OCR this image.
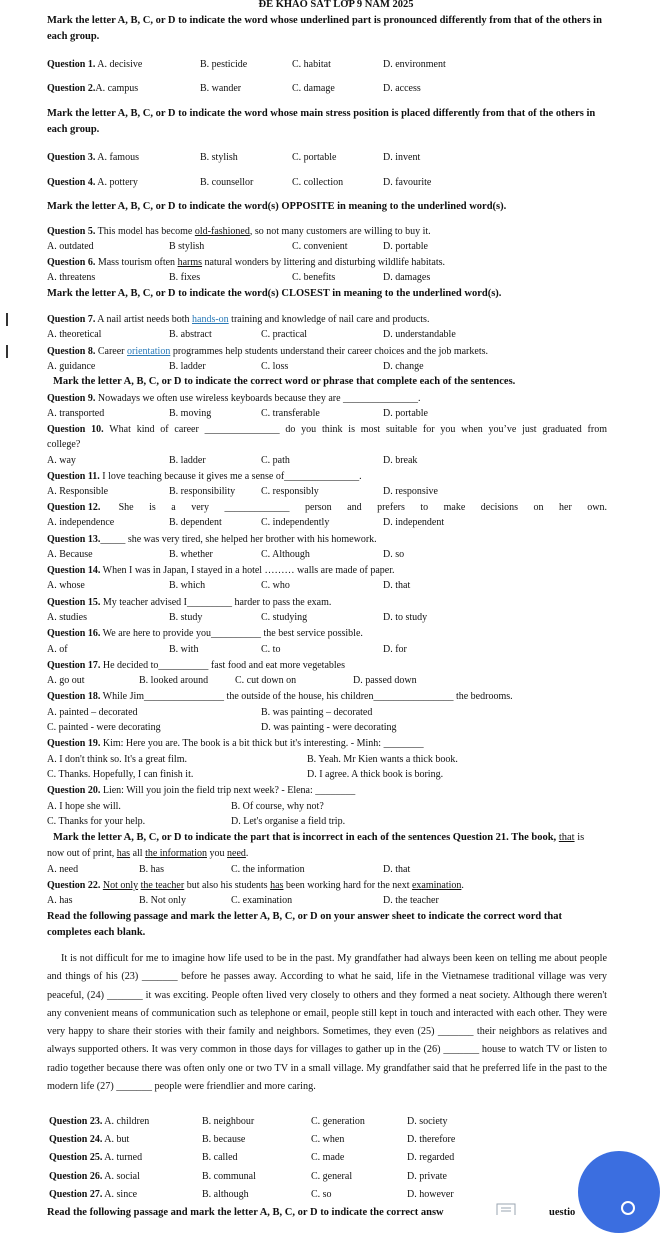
ĐỀ KHẢO SÁT LỚP 9 NĂM 2025
Mark the letter A, B, C, or D to indicate the word whose underlined part is pronounced differently from that of the others in each group.
Question 1. A. decisive	B. pesticide	C. habitat	D. environment
Question 2.A. campus	B. wander	C. damage	D. access
Mark the letter A, B, C, or D to indicate the word whose main stress position is placed differently from that of the others in each group.
Question 3. A. famous	B. stylish	C. portable	D. invent
Question 4. A. pottery	B. counsellor	C. collection	D. favourite
Mark the letter A, B, C, or D to indicate the word(s) OPPOSITE in meaning to the underlined word(s).
Question 5. This model has become old-fashioned, so not many customers are willing to buy it.
A. outdated	B stylish	C. convenient	D. portable
Question 6. Mass tourism often harms natural wonders by littering and disturbing wildlife habitats.
A. threatens	B. fixes	C. benefits	D. damages
Mark the letter A, B, C, or D to indicate the word(s) CLOSEST in meaning to the underlined word(s).
Question 7. A nail artist needs both hands-on training and knowledge of nail care and products.
A. theoretical	B. abstract	C. practical	D. understandable
Question 8. Career orientation programmes help students understand their career choices and the job markets.
A. guidance	B. ladder	C. loss	D. change
Mark the letter A, B, C, or D to indicate the correct word or phrase that complete each of the sentences.
Question 9. Nowadays we often use wireless keyboards because they are _______________.
A. transported	B. moving	C. transferable	D. portable
Question 10. What kind of career _______________ do you think is most suitable for you when you’ve just graduated from
college?
A. way	B. ladder	C. path	D. break
Question 11. I love teaching because it gives me a sense of_______________.
A. Responsible	B. responsibility	C. responsibly	D. responsive
Question 12. She is a very _____________ person and prefers to make decisions on her own.
A. independence	B. dependent	C. independently	D. independent
Question 13._____ she was very tired, she helped her brother with his homework.
A. Because	B. whether	C. Although	D. so
Question 14. When I was in Japan, I stayed in a hotel ……… walls are made of paper.
A. whose	B. which	C. who	D. that
Question 15. My teacher advised I_________ harder to pass the exam.
A. studies	B. study	C. studying	D. to study
Question 16. We are here to provide you__________ the best service possible.
A. of	B. with	C. to	D. for
Question 17. He decided to__________ fast food and eat more vegetables
A. go out	B. looked around	C. cut down on	D. passed down
Question 18. While Jim________________ the outside of the house, his children________________ the bedrooms.
A. painted – decorated	B. was painting – decorated
C. painted - were decorating	D. was painting - were decorating
Question 19. Kim: Here you are. The book is a bit thick but it's interesting. - Minh: ________
A. I don't think so. It's a great film.	B. Yeah. Mr Kien wants a thick book.
C. Thanks. Hopefully, I can finish it.	D. I agree. A thick book is boring.
Question 20. Lien: Will you join the field trip next week? - Elena: ________
A. I hope she will.	B. Of course, why not?
C. Thanks for your help.	D. Let's organise a field trip.
Mark the letter A, B, C, or D to indicate the part that is incorrect in each of the sentences Question 21. The book, that is
now out of print, has all the information you need.
A. need	B. has	C. the information	D. that
Question 22. Not only the teacher but also his students has been working hard for the next examination.
A. has	B. Not only	C. examination	D. the teacher
Read the following passage and mark the letter A, B, C, or D on your answer sheet to indicate the correct word that completes each blank.
It is not difficult for me to imagine how life used to be in the past. My grandfather had always been keen on telling me about people and things of his (23) _______ before he passes away. According to what he said, life in the Vietnamese traditional village was very peaceful, (24) _______ it was exciting. People often lived very closely to others and they formed a neat society. Although there weren't any convenient means of communication such as telephone or email, people still kept in touch and interacted with each other. They were very happy to share their stories with their family and neighbors. Sometimes, they even (25) _______ their neighbors as relatives and always supported others. It was very common in those days for villages to gather up in the (26) _______ house to watch TV or listen to radio together because there was often only one or two TV in a small village. My grandfather said that he preferred life in the past to the modern life (27) _______ people were friendlier and more caring.
Question 23. A. children	B. neighbour	C. generation	D. society
Question 24. A. but	B. because	C. when	D. therefore
Question 25. A. turned	B. called	C. made	D. regarded
Question 26. A. social	B. communal	C. general	D. private
Question 27. A. since	B. although	C. so	D. however
Read the following passage and mark the letter A, B, C, or D to indicate the correct answ	uestio
